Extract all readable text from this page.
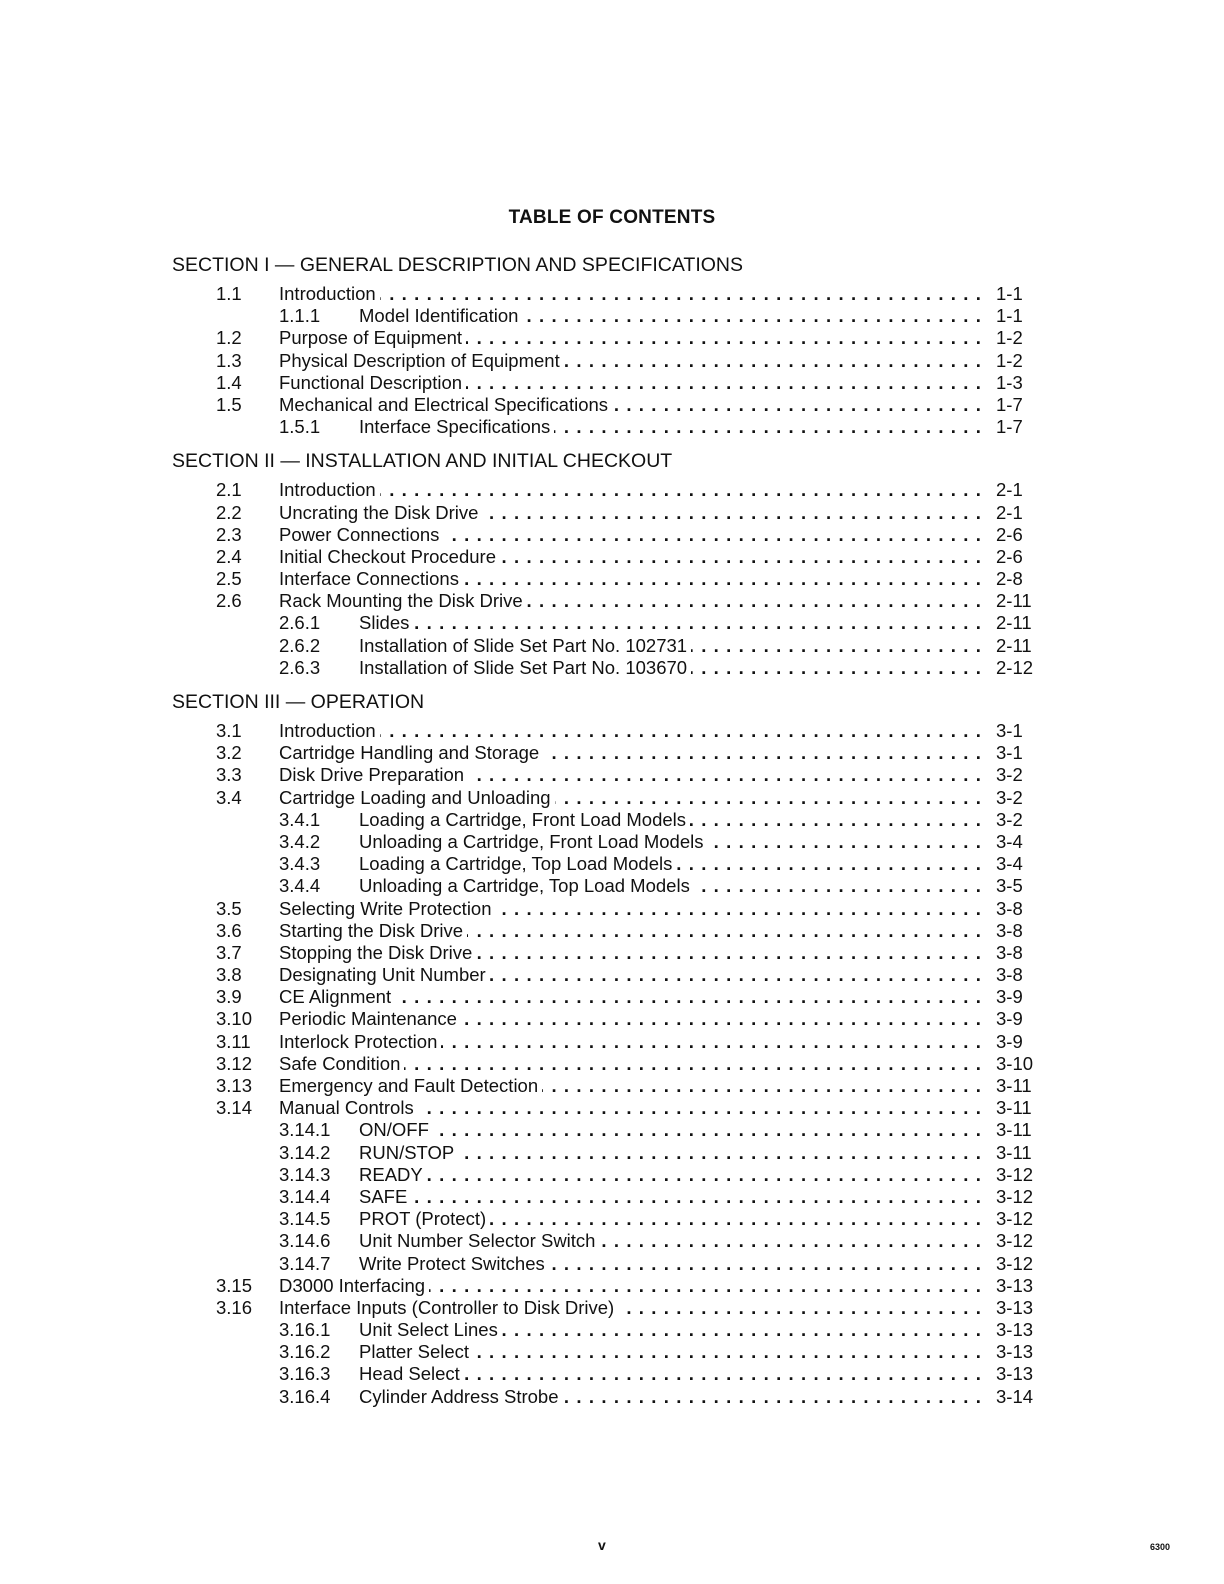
TABLE OF CONTENTS
SECTION I — GENERAL DESCRIPTION AND SPECIFICATIONS
1.1 Introduction . . .	1-1
1.1.1 Model Identification . . .	1-1
1.2 Purpose of Equipment . . .	1-2
1.3 Physical Description of Equipment . . .	1-2
1.4 Functional Description . . .	1-3
1.5 Mechanical and Electrical Specifications . . .	1-7
1.5.1 Interface Specifications . . .	1-7
SECTION II — INSTALLATION AND INITIAL CHECKOUT
2.1 Introduction . . .	2-1
2.2 Uncrating the Disk Drive . . .	2-1
2.3 Power Connections . . .	2-6
2.4 Initial Checkout Procedure . . .	2-6
2.5 Interface Connections . . .	2-8
2.6 Rack Mounting the Disk Drive . . .	2-11
2.6.1 Slides . . .	2-11
2.6.2 Installation of Slide Set Part No. 102731 . . .	2-11
2.6.3 Installation of Slide Set Part No. 103670 . . .	2-12
SECTION III — OPERATION
3.1 Introduction . . .	3-1
3.2 Cartridge Handling and Storage . . .	3-1
3.3 Disk Drive Preparation . . .	3-2
3.4 Cartridge Loading and Unloading . . .	3-2
3.4.1 Loading a Cartridge, Front Load Models . . .	3-2
3.4.2 Unloading a Cartridge, Front Load Models . . .	3-4
3.4.3 Loading a Cartridge, Top Load Models . . .	3-4
3.4.4 Unloading a Cartridge, Top Load Models . . .	3-5
3.5 Selecting Write Protection . . .	3-8
3.6 Starting the Disk Drive . . .	3-8
3.7 Stopping the Disk Drive . . .	3-8
3.8 Designating Unit Number . . .	3-8
3.9 CE Alignment . . .	3-9
3.10 Periodic Maintenance . . .	3-9
3.11 Interlock Protection . . .	3-9
3.12 Safe Condition . . .	3-10
3.13 Emergency and Fault Detection . . .	3-11
3.14 Manual Controls . . .	3-11
3.14.1 ON/OFF . . .	3-11
3.14.2 RUN/STOP . . .	3-11
3.14.3 READY . . .	3-12
3.14.4 SAFE . . .	3-12
3.14.5 PROT (Protect) . . .	3-12
3.14.6 Unit Number Selector Switch . . .	3-12
3.14.7 Write Protect Switches . . .	3-12
3.15 D3000 Interfacing . . .	3-13
3.16 Interface Inputs (Controller to Disk Drive) . . .	3-13
3.16.1 Unit Select Lines . . .	3-13
3.16.2 Platter Select . . .	3-13
3.16.3 Head Select . . .	3-13
3.16.4 Cylinder Address Strobe . . .	3-14
v	6300
